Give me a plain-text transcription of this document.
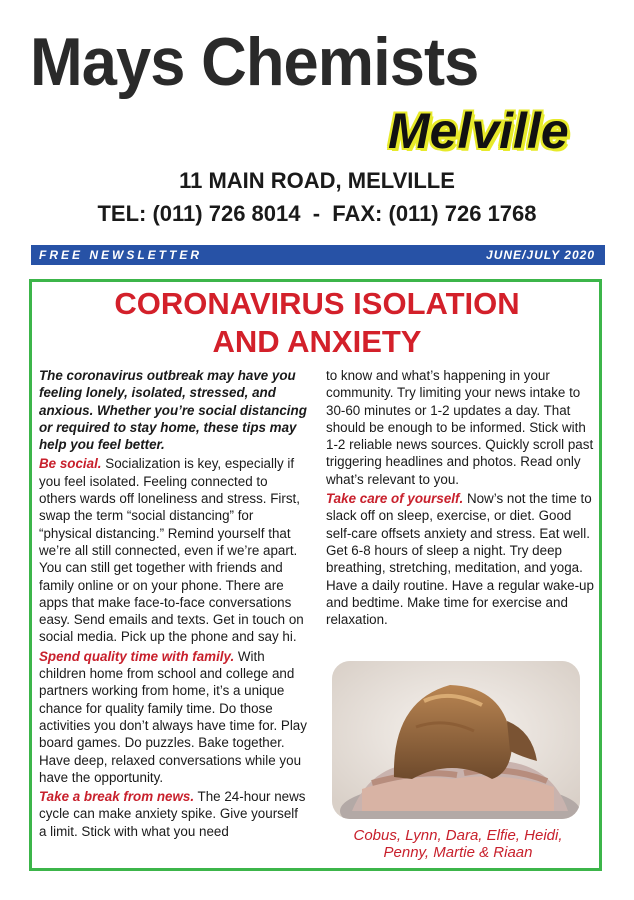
Mays Chemists
Melville
11 MAIN ROAD, MELVILLE
TEL: (011) 726 8014  -  FAX: (011) 726 1768
FREE NEWSLETTER	JUNE/JULY 2020
CORONAVIRUS ISOLATION
AND ANXIETY

The coronavirus outbreak may have you feeling lonely, isolated, stressed, and anxious. Whether you’re social distancing or required to stay home, these tips may help you feel better.

Be social. Socialization is key, especially if you feel isolated. Feeling connected to others wards off loneliness and stress. First, swap the term “social distancing” for “physical distancing.” Remind yourself that we’re all still connected, even if we’re apart. You can still get together with friends and family online or on your phone. There are apps that make face-to-face conversations easy. Send emails and texts. Get in touch on social media. Pick up the phone and say hi.

Spend quality time with family. With children home from school and college and partners working from home, it’s a unique chance for quality family time. Do those activities you don’t always have time for. Play board games. Do puzzles. Bake together. Have deep, relaxed conversations while you have the opportunity.

Take a break from news. The 24-hour news cycle can make anxiety spike. Give yourself a limit. Stick with what you need

to know and what’s happening in your community. Try limiting your news intake to 30-60 minutes or 1-2 updates a day. That should be enough to be informed. Stick with 1-2 reliable news sources. Quickly scroll past triggering headlines and photos. Read only what’s relevant to you.

Take care of yourself. Now’s not the time to slack off on sleep, exercise, or diet. Good self-care offsets anxiety and stress. Eat well. Get 6-8 hours of sleep a night. Try deep breathing, stretching, meditation, and yoga. Have a daily routine. Have a regular wake-up and bedtime. Make time for exercise and relaxation.

Cobus, Lynn, Dara, Elfie, Heidi,
Penny, Martie & Riaan
